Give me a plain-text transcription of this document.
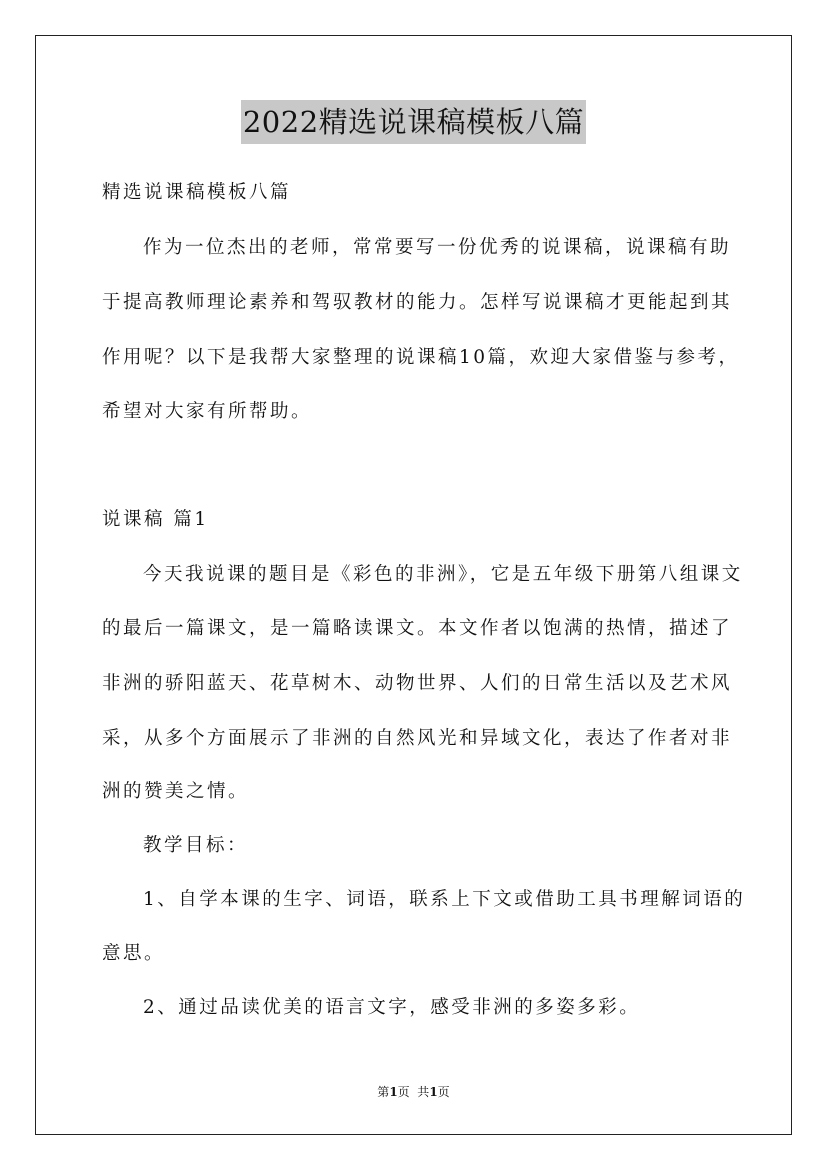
2022精选说课稿模板八篇
精选说课稿模板八篇
作为一位杰出的老师，常常要写一份优秀的说课稿，说课稿有助
于提高教师理论素养和驾驭教材的能力。怎样写说课稿才更能起到其
作用呢？以下是我帮大家整理的说课稿10篇，欢迎大家借鉴与参考，
希望对大家有所帮助。
说课稿 篇1
今天我说课的题目是《彩色的非洲》，它是五年级下册第八组课文
的最后一篇课文，是一篇略读课文。本文作者以饱满的热情，描述了
非洲的骄阳蓝天、花草树木、动物世界、人们的日常生活以及艺术风
采，从多个方面展示了非洲的自然风光和异域文化，表达了作者对非
洲的赞美之情。
教学目标：
1、自学本课的生字、词语，联系上下文或借助工具书理解词语的
意思。
2、通过品读优美的语言文字，感受非洲的多姿多彩。
第1页  共1页
